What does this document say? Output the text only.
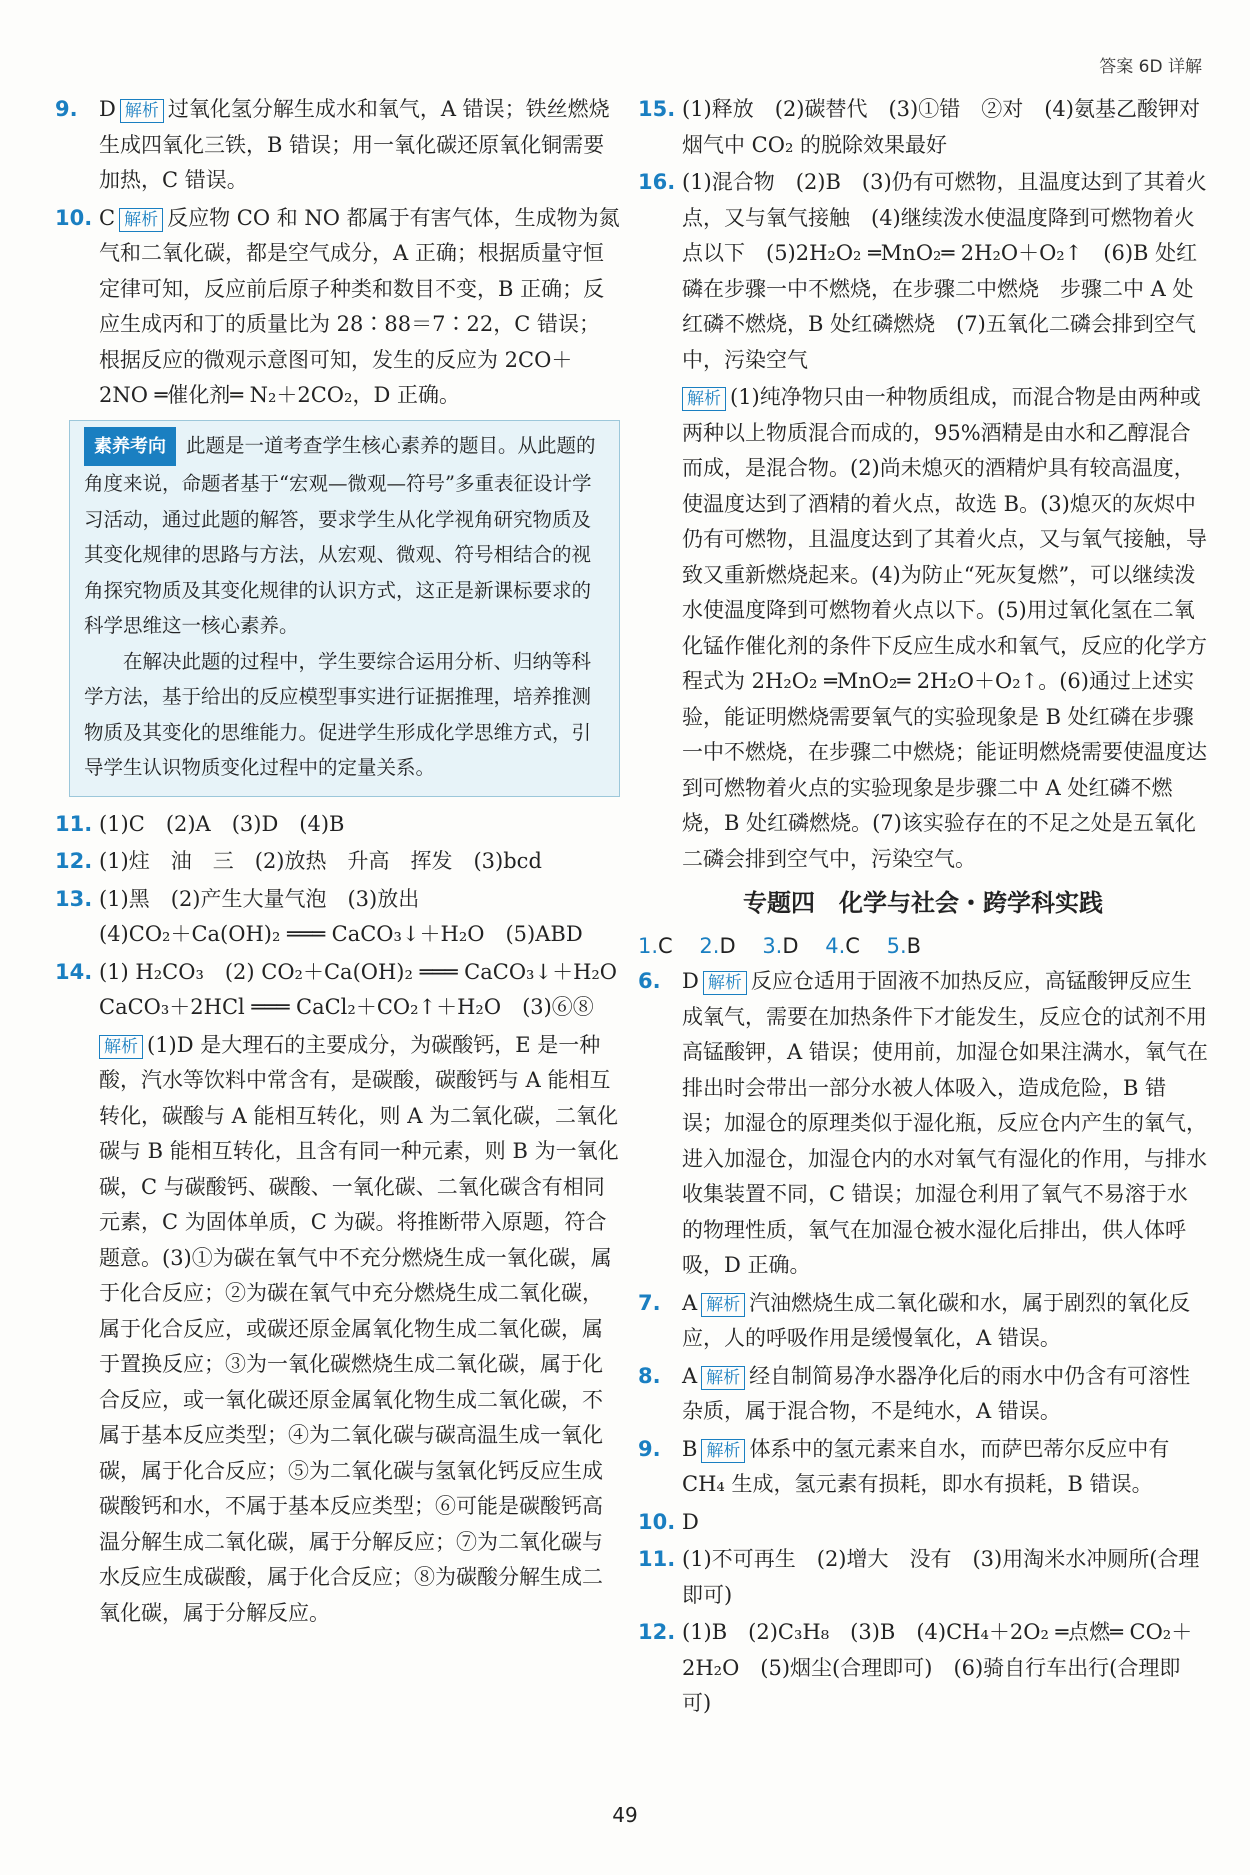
答案 6D 详解
9. D 解析 过氧化氢分解生成水和氧气，A 错误；铁丝燃烧生成四氧化三铁，B 错误；用一氧化碳还原氧化铜需要加热，C 错误。
10. C 解析 反应物 CO 和 NO 都属于有害气体，生成物为氮气和二氧化碳，都是空气成分，A 正确；根据质量守恒定律可知，反应前后原子种类和数目不变，B 正确；反应生成丙和丁的质量比为 28∶88＝7∶22，C 错误；根据反应的微观示意图可知，发生的反应为 2CO＋2NO ═催化剂═ N₂＋2CO₂，D 正确。

素养考向 此题是一道考查学生核心素养的题目。从此题的角度来说，命题者基于“宏观—微观—符号”多重表征设计学习活动，通过此题的解答，要求学生从化学视角研究物质及其变化规律的思路与方法，从宏观、微观、符号相结合的视角探究物质及其变化规律的认识方式，这正是新课标要求的科学思维这一核心素养。

在解决此题的过程中，学生要综合运用分析、归纳等科学方法，基于给出的反应模型事实进行证据推理，培养推测物质及其变化的思维能力。促进学生形成化学思维方式，引导学生认识物质变化过程中的定量关系。

11. (1)C　(2)A　(3)D　(4)B
12. (1)炷　油　三　(2)放热　升高　挥发　(3)bcd
13. (1)黑　(2)产生大量气泡　(3)放出
(4)CO₂＋Ca(OH)₂ ═══ CaCO₃↓＋H₂O　(5)ABD
14. (1) H₂CO₃　(2) CO₂＋Ca(OH)₂ ═══ CaCO₃↓＋H₂O　CaCO₃＋2HCl ═══ CaCl₂＋CO₂↑＋H₂O　(3)⑥⑧
解析 (1)D 是大理石的主要成分，为碳酸钙，E 是一种酸，汽水等饮料中常含有，是碳酸，碳酸钙与 A 能相互转化，碳酸与 A 能相互转化，则 A 为二氧化碳，二氧化碳与 B 能相互转化，且含有同一种元素，则 B 为一氧化碳，C 与碳酸钙、碳酸、一氧化碳、二氧化碳含有相同元素，C 为固体单质，C 为碳。将推断带入原题，符合题意。(3)①为碳在氧气中不充分燃烧生成一氧化碳，属于化合反应；②为碳在氧气中充分燃烧生成二氧化碳，属于化合反应，或碳还原金属氧化物生成二氧化碳，属于置换反应；③为一氧化碳燃烧生成二氧化碳，属于化合反应，或一氧化碳还原金属氧化物生成二氧化碳，不属于基本反应类型；④为二氧化碳与碳高温生成一氧化碳，属于化合反应；⑤为二氧化碳与氢氧化钙反应生成碳酸钙和水，不属于基本反应类型；⑥可能是碳酸钙高温分解生成二氧化碳，属于分解反应；⑦为二氧化碳与水反应生成碳酸，属于化合反应；⑧为碳酸分解生成二氧化碳，属于分解反应。
15. (1)释放　(2)碳替代　(3)①错　②对　(4)氨基乙酸钾对烟气中 CO₂ 的脱除效果最好
16. (1)混合物　(2)B　(3)仍有可燃物，且温度达到了其着火点，又与氧气接触　(4)继续泼水使温度降到可燃物着火点以下　(5)2H₂O₂ ═MnO₂═ 2H₂O＋O₂↑　(6)B 处红磷在步骤一中不燃烧，在步骤二中燃烧　步骤二中 A 处红磷不燃烧，B 处红磷燃烧　(7)五氧化二磷会排到空气中，污染空气
解析 (1)纯净物只由一种物质组成，而混合物是由两种或两种以上物质混合而成的，95%酒精是由水和乙醇混合而成，是混合物。(2)尚未熄灭的酒精炉具有较高温度，使温度达到了酒精的着火点，故选 B。(3)熄灭的灰烬中仍有可燃物，且温度达到了其着火点，又与氧气接触，导致又重新燃烧起来。(4)为防止“死灰复燃”，可以继续泼水使温度降到可燃物着火点以下。(5)用过氧化氢在二氧化锰作催化剂的条件下反应生成水和氧气，反应的化学方程式为 2H₂O₂ ═MnO₂═ 2H₂O＋O₂↑。(6)通过上述实验，能证明燃烧需要氧气的实验现象是 B 处红磷在步骤一中不燃烧，在步骤二中燃烧；能证明燃烧需要使温度达到可燃物着火点的实验现象是步骤二中 A 处红磷不燃烧，B 处红磷燃烧。(7)该实验存在的不足之处是五氧化二磷会排到空气中，污染空气。
专题四　化学与社会・跨学科实践
1.C 2.D 3.D 4.C 5.B
6. D 解析 反应仓适用于固液不加热反应，高锰酸钾反应生成氧气，需要在加热条件下才能发生，反应仓的试剂不用高锰酸钾，A 错误；使用前，加湿仓如果注满水，氧气在排出时会带出一部分水被人体吸入，造成危险，B 错误；加湿仓的原理类似于湿化瓶，反应仓内产生的氧气，进入加湿仓，加湿仓内的水对氧气有湿化的作用，与排水收集装置不同，C 错误；加湿仓利用了氧气不易溶于水的物理性质，氧气在加湿仓被水湿化后排出，供人体呼吸，D 正确。
7. A 解析 汽油燃烧生成二氧化碳和水，属于剧烈的氧化反应，人的呼吸作用是缓慢氧化，A 错误。
8. A 解析 经自制简易净水器净化后的雨水中仍含有可溶性杂质，属于混合物，不是纯水，A 错误。
9. B 解析 体系中的氢元素来自水，而萨巴蒂尔反应中有 CH₄ 生成，氢元素有损耗，即水有损耗，B 错误。
10. D
11. (1)不可再生　(2)增大　没有　(3)用淘米水冲厕所(合理即可)
12. (1)B　(2)C₃H₈　(3)B　(4)CH₄＋2O₂ ═点燃═ CO₂＋2H₂O　(5)烟尘(合理即可)　(6)骑自行车出行(合理即可)
49
